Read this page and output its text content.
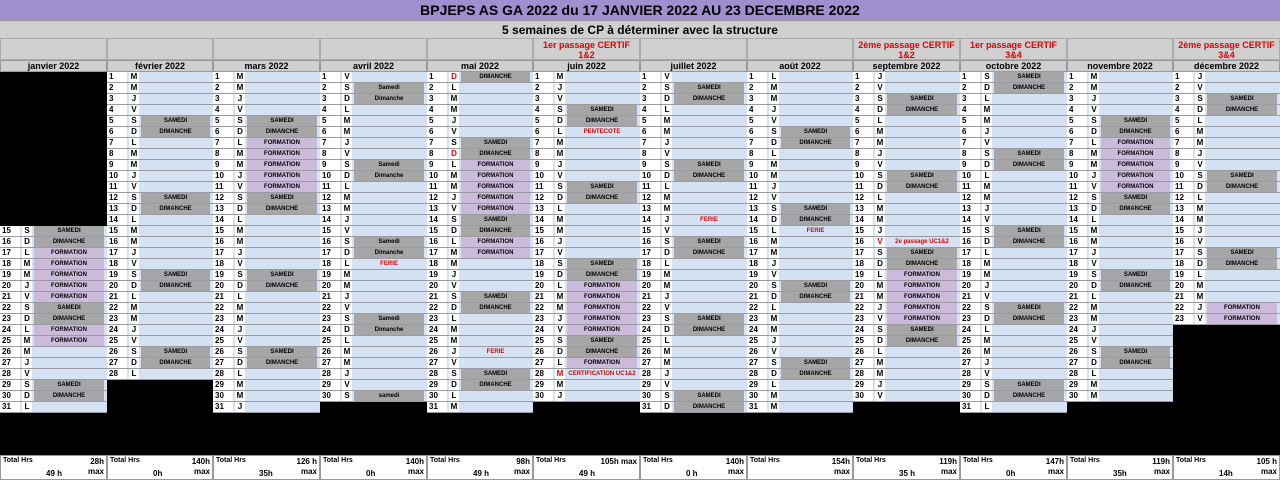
BPJEPS AS GA 2022 du 17 JANVIER 2022 AU 23 DECEMBRE 2022
5 semaines de CP à déterminer avec la structure
janvier 2022
15	S	SAMEDI
16	D	DIMANCHE
17	L	FORMATION
18	M	FORMATION
19	M	FORMATION
20	J	FORMATION
21	V	FORMATION
22	S	SAMEDI
23	D	DIMANCHE
24	L	FORMATION
25	M	FORMATION
26	M
27	J
28	V
29	S	SAMEDI
30	D	DIMANCHE
31	L
Total Hrs
49 h
28h
max
février 2022
1	M
2	M
3	J
4	V
5	S	SAMEDI
6	D	DIMANCHE
7	L
8	M
9	M
10	J
11	V
12	S	SAMEDI
13	D	DIMANCHE
14	L
15	M
16	M
17	J
18	V
19	S	SAMEDI
20	D	DIMANCHE
21	L
22	M
23	M
24	J
25	V
26	S	SAMEDI
27	D	DIMANCHE
28	L
Total Hrs
0h
140h
max
mars 2022
1	M
2	M
3	J
4	V
5	S	SAMEDI
6	D	DIMANCHE
7	L	FORMATION
8	M	FORMATION
9	M	FORMATION
10	J	FORMATION
11	V	FORMATION
12	S	SAMEDI
13	D	DIMANCHE
14	L
15	M
16	M
17	J
18	V
19	S	SAMEDI
20	D	DIMANCHE
21	L
22	M
23	M
24	J
25	V
26	S	SAMEDI
27	D	DIMANCHE
28	L
29	M
30	M
31	J
Total Hrs
35h
126 h
max
avril 2022
1	V
2	S	Samedi
3	D	Dimanche
4	L
5	M
6	M
7	J
8	V
9	S	Samedi
10	D	Dimanche
11	L
12	M
13	M
14	J
15	V
16	S	Samedi
17	D	Dimanche
18	L	FERIE
19	M
20	M
21	J
22	V
23	S	Samedi
24	D	Dimanche
25	L
26	M
27	M
28	J
29	V
30	S	samedi
Total Hrs
0h
140h
max
mai 2022
1	D	DIMANCHE
2	L
3	M
4	M
5	J
6	V
7	S	SAMEDI
8	D	DIMANCHE
9	L	FORMATION
10	M	FORMATION
11	M	FORMATION
12	J	FORMATION
13	V	FORMATION
14	S	SAMEDI
15	D	DIMANCHE
16	L	FORMATION
17	M	FORMATION
18	M
19	J
20	V
21	S	SAMEDI
22	D	DIMANCHE
23	L
24	M
25	M
26	J	FERIE
27	V
28	S	SAMEDI
29	D	DIMANCHE
30	L
31	M
Total Hrs
49 h
98h
max
1er passage CERTIF 1&2
juin 2022
1	M
2	J
3	V
4	S	SAMEDI
5	D	DIMANCHE
6	L	PENTECOTE
7	M
8	M
9	J
10	V
11	S	SAMEDI
12	D	DIMANCHE
13	L
14	M
15	M
16	J
17	V
18	S	SAMEDI
19	D	DIMANCHE
20	L	FORMATION
21	M	FORMATION
22	M	FORMATION
23	J	FORMATION
24	V	FORMATION
25	S	SAMEDI
26	D	DIMANCHE
27	L	FORMATION
28	M CERTIFICATION UC1&2
29	M
30	J
Total Hrs
49 h
105h max
juillet 2022
1	V
2	S	SAMEDI
3	D	DIMANCHE
4	L
5	M
6	M
7	J
8	V
9	S	SAMEDI
10	D	DIMANCHE
11	L
12	M
13	M
14	J	FERIE
15	V
16	S	SAMEDI
17	D	DIMANCHE
18	L
19	M
20	M
21	J
22	V
23	S	SAMEDI
24	D	DIMANCHE
25	L
26	M
27	M
28	J
29	V
30	S	SAMEDI
31	D	DIMANCHE
Total Hrs
0 h
140h
max
août 2022
1	L
2	M
3	M
4	J
5	V
6	S	SAMEDI
7	D	DIMANCHE
8	L
9	M
10	M
11	J
12	V
13	S	SAMEDI
14	D	DIMANCHE
15	L	FERIE
16	M
17	M
18	J
19	V
20	S	SAMEDI
21	D	DIMANCHE
22	L
23	M
24	M
25	J
26	V
27	S	SAMEDI
28	D	DIMANCHE
29	L
30	M
31	M
Total Hrs	154h
max
2ème passage CERTIF 1&2
septembre 2022
1	J
2	V
3	S	SAMEDI
4	D	DIMANCHE
5	L
6	M
7	M
8	J
9	V
10	S	SAMEDI
11	D	DIMANCHE
12	L
13	M
14	M
15	J
16	V	2e passage UC1&2
17	S	SAMEDI
18	D	DIMANCHE
19	L	FORMATION
20	M	FORMATION
21	M	FORMATION
22	J	FORMATION
23	V	FORMATION
24	S	SAMEDI
25	D	DIMANCHE
26	L
27	M
28	M
29	J
30	V
Total Hrs
35 h
119h
max
1er passage CERTIF 3&4
octobre 2022
1	S	SAMEDI
2	D	DIMANCHE
3	L
4	M
5	M
6	J
7	V
8	S	SAMEDI
9	D	DIMANCHE
10	L
11	M
12	M
13	J
14	V
15	S	SAMEDI
16	D	DIMANCHE
17	L
18	M
19	M
20	J
21	V
22	S	SAMEDI
23	D	DIMANCHE
24	L
25	M
26	M
27	J
28	V
29	S	SAMEDI
30	D	DIMANCHE
31	L
Total Hrs
0h
147h
max
novembre 2022
1	M
2	M
3	J
4	V
5	S	SAMEDI
6	D	DIMANCHE
7	L	FORMATION
8	M	FORMATION
9	M	FORMATION
10	J	FORMATION
11	V	FORMATION
12	S	SAMEDI
13	D	DIMANCHE
14	L
15	M
16	M
17	J
18	V
19	S	SAMEDI
20	D	DIMANCHE
21	L
22	M
23	M
24	J
25	V
26	S	SAMEDI
27	D	DIMANCHE
28	L
29	M
30	M
Total Hrs
35h
119h
max
2ème passage CERTIF 3&4
décembre 2022
1	J
2	V
3	S	SAMEDI
4	D	DIMANCHE
5	L
6	M
7	M
8	J
9	V
10	S	SAMEDI
11	D	DIMANCHE
12	L
13	M
14	M
15	J
16	V
17	S	SAMEDI
18	D	DIMANCHE
19	L
20	M
21	M
22	J	FORMATION
23	V	FORMATION
Total Hrs
14h
105 h
max
